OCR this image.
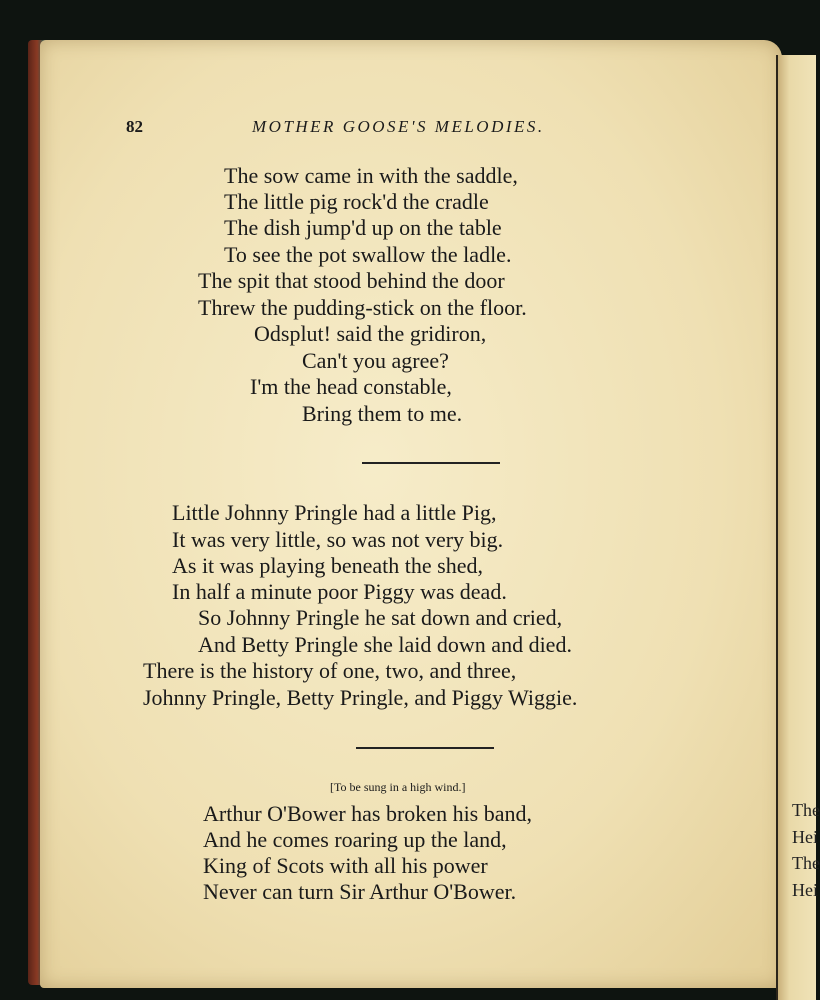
The
Hei
The
Hei
82	MOTHER GOOSE'S MELODIES.
The sow came in with the saddle,
The little pig rock'd the cradle
The dish jump'd up on the table
To see the pot swallow the ladle.
The spit that stood behind the door
Threw the pudding-stick on the floor.
Odsplut! said the gridiron,
Can't you agree?
I'm the head constable,
Bring them to me.
Little Johnny Pringle had a little Pig,
It was very little, so was not very big.
As it was playing beneath the shed,
In half a minute poor Piggy was dead.
So Johnny Pringle he sat down and cried,
And Betty Pringle she laid down and died.
There is the history of one, two, and three,
Johnny Pringle, Betty Pringle, and Piggy Wiggie.
[To be sung in a high wind.]
Arthur O'Bower has broken his band,
And he comes roaring up the land,
King of Scots with all his power
Never can turn Sir Arthur O'Bower.
